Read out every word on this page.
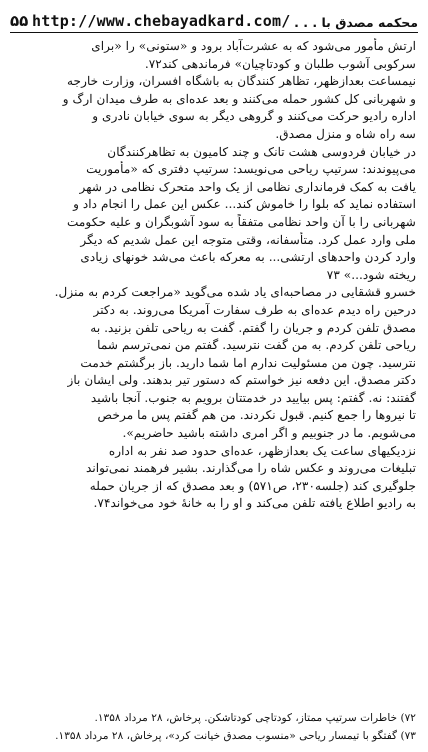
۵۵ http://www.chebayadkard.com/ محکمه مصدق با . . .
ارتش مأمور می‌شود که به عشرت‌آباد برود و «ستونی» را «برای
سرکوبی آشوب طلبان و کودتاچیان» فرماندهی کند۷۲.
نیمساعت بعدازظهر، تظاهر کنندگان به باشگاه افسران، وزارت خارجه
و شهربانی کل کشور حمله می‌کنند و بعد عده‌ای به طرف میدان ارگ و
اداره رادیو حرکت می‌کنند و گروهی دیگر به سوی خیابان نادری و
سه راه شاه و منزل مصدق.
در خیابان فردوسی هشت تانک و چند کامیون به تظاهرکنندگان
می‌پیوندند: سرتیپ ریاحی می‌نویسد: سرتیپ دفتری که «مأموریت
یافت به کمک فرمانداری نظامی از یک واحد متحرک نظامی در شهر
استفاده نماید که بلوا را خاموش کند... عکس این عمل را انجام داد و
شهربانی را با آن واحد نظامی متفقاً به سود آشوبگران و علیه حکومت
ملی وارد عمل کرد. متأسفانه، وقتی متوجه این عمل شدیم که دیگر
وارد کردن واحدهای ارتشی... به معرکه باعث می‌شد خونهای زیادی
ریخته شود...» ۷۳
خسرو قشقایی در مصاحبه‌ای یاد شده می‌گوید «مراجعت کردم به منزل.
درحین راه دیدم عده‌ای به طرف سفارت آمریکا می‌روند. به دکتر
مصدق تلفن کردم و جریان را گفتم. گفت به ریاحی تلفن بزنید. به
ریاحی تلفن کردم. به من گفت نترسید. گفتم من نمی‌ترسم شما
نترسید. چون من مسئولیت ندارم اما شما دارید. باز برگشتم خدمت
دکتر مصدق. این دفعه نیز خواستم که دستور تیر بدهند. ولی ایشان باز
گفتند: نه. گفتم: پس بیایید در خدمتتان برویم به جنوب. آنجا باشید
تا نیروها را جمع کنیم. قبول نکردند. من هم گفتم پس ما مرخص
می‌شویم. ما در جنوبیم و اگر امری داشته باشید حاضریم».
نزدیکیهای ساعت یک بعدازظهر، عده‌ای حدود صد نفر به اداره
تبلیغات می‌روند و عکس شاه را می‌گذارند. بشیر فرهمند نمی‌تواند
جلوگیری کند (جلسه۲۳۰، ص۵۷۱) و بعد مصدق که از جریان حمله
به رادیو اطلاع یافته تلفن می‌کند و او را به خانهٔ خود می‌خواند۷۴.
۷۲) خاطرات سرتیپ ممتاز، کودتاچی کودتاشکن. پرخاش، ۲۸ مرداد ۱۳۵۸.
۷۳) گفتگو با تیمسار ریاحی «منسوب مصدق خیانت کرد»، پرخاش، ۲۸ مرداد ۱۳۵۸.
